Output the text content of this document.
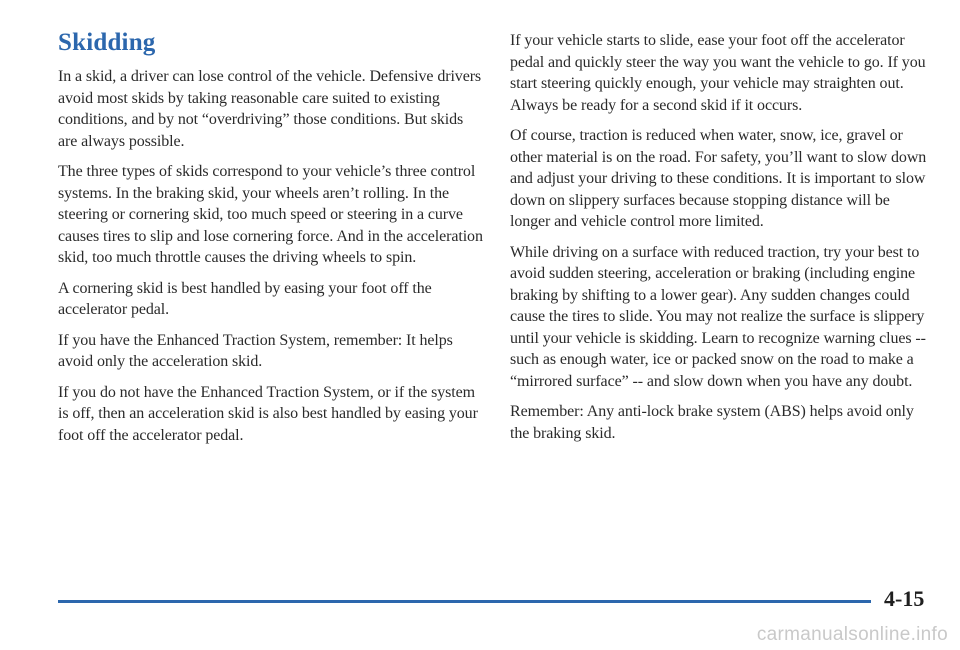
Skidding

In a skid, a driver can lose control of the vehicle. Defensive drivers avoid most skids by taking reasonable care suited to existing conditions, and by not “overdriving” those conditions. But skids are always possible.

The three types of skids correspond to your vehicle’s three control systems. In the braking skid, your wheels aren’t rolling. In the steering or cornering skid, too much speed or steering in a curve causes tires to slip and lose cornering force. And in the acceleration skid, too much throttle causes the driving wheels to spin.

A cornering skid is best handled by easing your foot off the accelerator pedal.

If you have the Enhanced Traction System, remember: It helps avoid only the acceleration skid.

If you do not have the Enhanced Traction System, or if the system is off, then an acceleration skid is also best handled by easing your foot off the accelerator pedal.

If your vehicle starts to slide, ease your foot off the accelerator pedal and quickly steer the way you want the vehicle to go. If you start steering quickly enough, your vehicle may straighten out. Always be ready for a second skid if it occurs.

Of course, traction is reduced when water, snow, ice, gravel or other material is on the road. For safety, you’ll want to slow down and adjust your driving to these conditions. It is important to slow down on slippery surfaces because stopping distance will be longer and vehicle control more limited.

While driving on a surface with reduced traction, try your best to avoid sudden steering, acceleration or braking (including engine braking by shifting to a lower gear). Any sudden changes could cause the tires to slide. You may not realize the surface is slippery until your vehicle is skidding. Learn to recognize warning clues -- such as enough water, ice or packed snow on the road to make a “mirrored surface” -- and slow down when you have any doubt.

Remember: Any anti-lock brake system (ABS) helps avoid only the braking skid.

4-15
carmanualsonline.info
